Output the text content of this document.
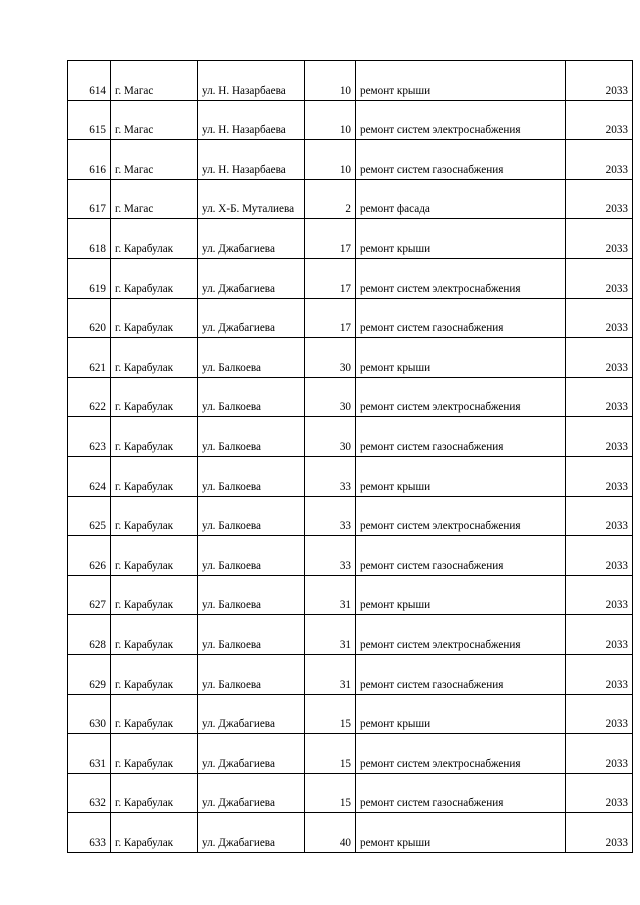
614	г. Магас	ул. Н. Назарбаева	10	ремонт крыши	2033
615	г. Магас	ул. Н. Назарбаева	10	ремонт систем электроснабжения	2033
616	г. Магас	ул. Н. Назарбаева	10	ремонт систем газоснабжения	2033
617	г. Магас	ул. Х-Б. Муталиева	2	ремонт фасада	2033
618	г. Карабулак	ул. Джабагиева	17	ремонт крыши	2033
619	г. Карабулак	ул. Джабагиева	17	ремонт систем электроснабжения	2033
620	г. Карабулак	ул. Джабагиева	17	ремонт систем газоснабжения	2033
621	г. Карабулак	ул. Балкоева	30	ремонт крыши	2033
622	г. Карабулак	ул. Балкоева	30	ремонт систем электроснабжения	2033
623	г. Карабулак	ул. Балкоева	30	ремонт систем газоснабжения	2033
624	г. Карабулак	ул. Балкоева	33	ремонт крыши	2033
625	г. Карабулак	ул. Балкоева	33	ремонт систем электроснабжения	2033
626	г. Карабулак	ул. Балкоева	33	ремонт систем газоснабжения	2033
627	г. Карабулак	ул. Балкоева	31	ремонт крыши	2033
628	г. Карабулак	ул. Балкоева	31	ремонт систем электроснабжения	2033
629	г. Карабулак	ул. Балкоева	31	ремонт систем газоснабжения	2033
630	г. Карабулак	ул. Джабагиева	15	ремонт крыши	2033
631	г. Карабулак	ул. Джабагиева	15	ремонт систем электроснабжения	2033
632	г. Карабулак	ул. Джабагиева	15	ремонт систем газоснабжения	2033
633	г. Карабулак	ул. Джабагиева	40	ремонт крыши	2033
